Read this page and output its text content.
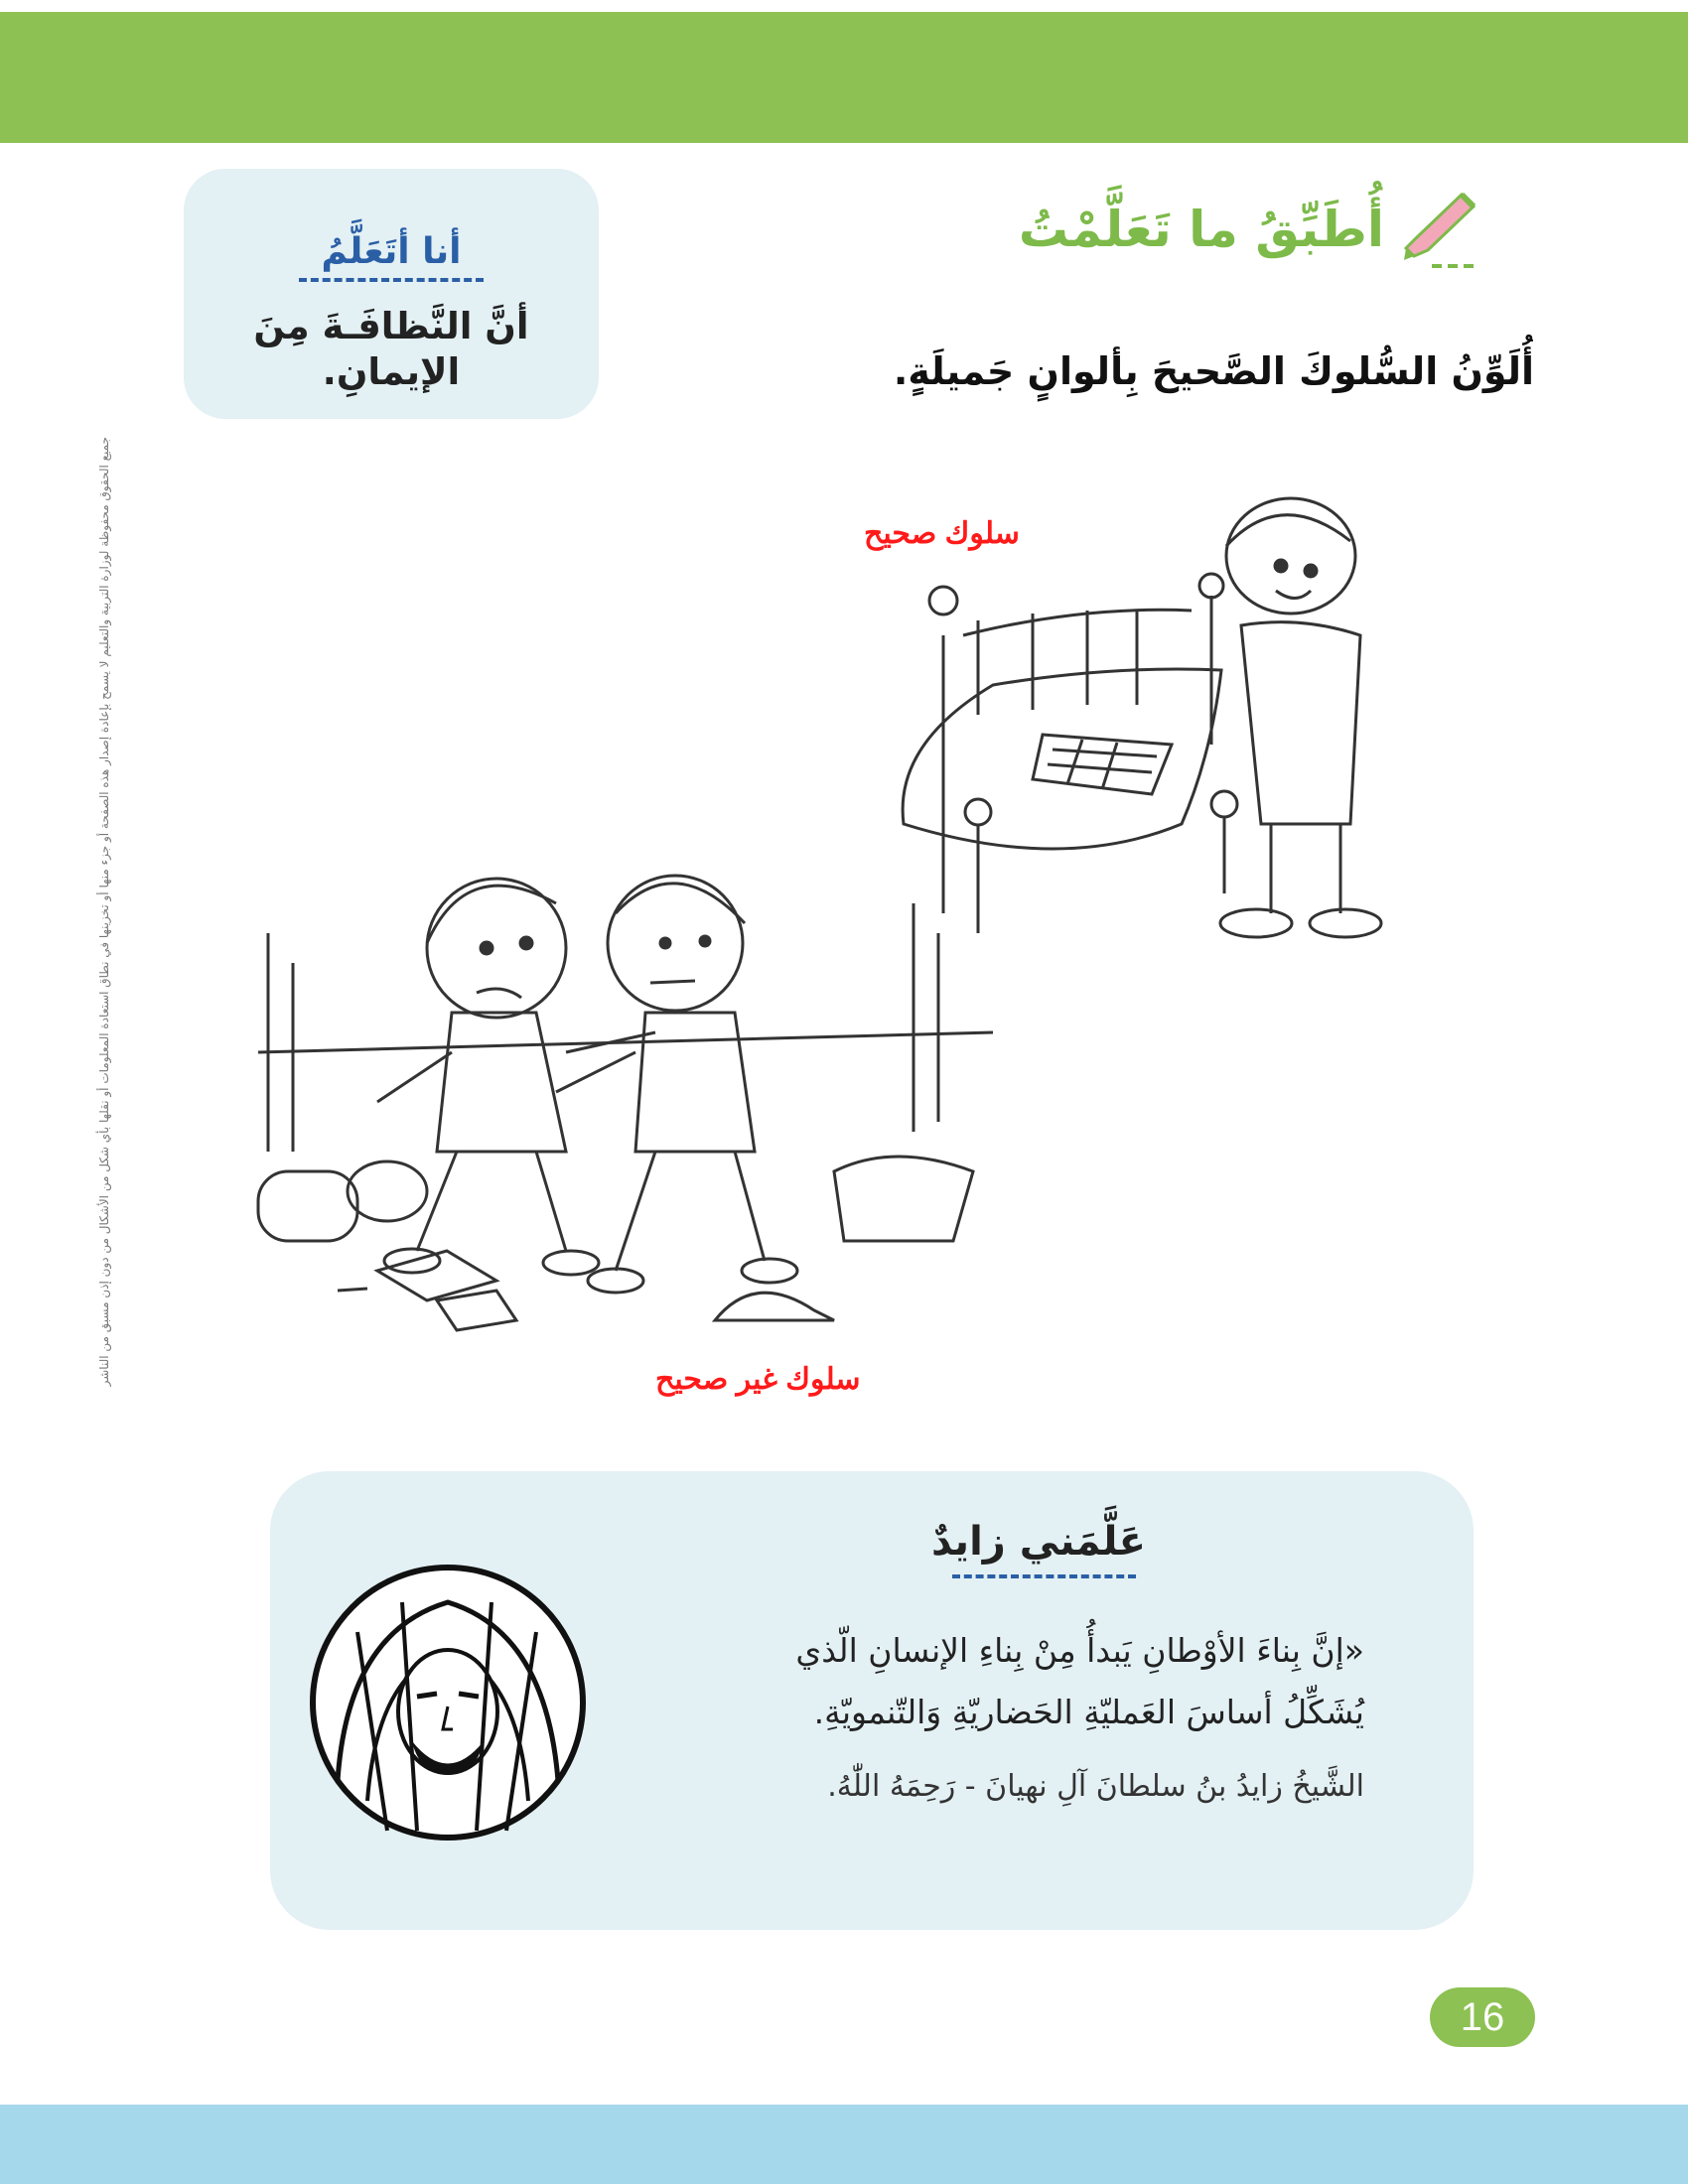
أنا أتَعَلَّمُ
أنَّ النَّظافَـةَ مِنَ الإيمانِ.
أُطَبِّقُ ما تَعَلَّمْتُ
أُلَوِّنُ السُّلوكَ الصَّحيحَ بِألوانٍ جَميلَةٍ.
سلوك صحيح
سلوك غير صحيح
عَلَّمَني زايدٌ
«إنَّ بِناءَ الأوْطانِ يَبدأُ مِنْ بِناءِ الإنسانِ الّذي يُشَكِّلُ أساسَ العَمليّةِ الحَضاريّةِ وَالتّنمويّةِ.
الشَّيخُ زايدُ بنُ سلطانَ آلِ نهيانَ - رَحِمَهُ اللّٰهُ.
جميع الحقوق محفوظة لوزارة التربية والتعليم لا يسمح بإعادة إصدار هذه الصفحة أو جزء منها أو تخزينها في نطاق استعادة المعلومات أو نقلها بأي شكل من الأشكال من دون إذن مسبق من الناشر
16
